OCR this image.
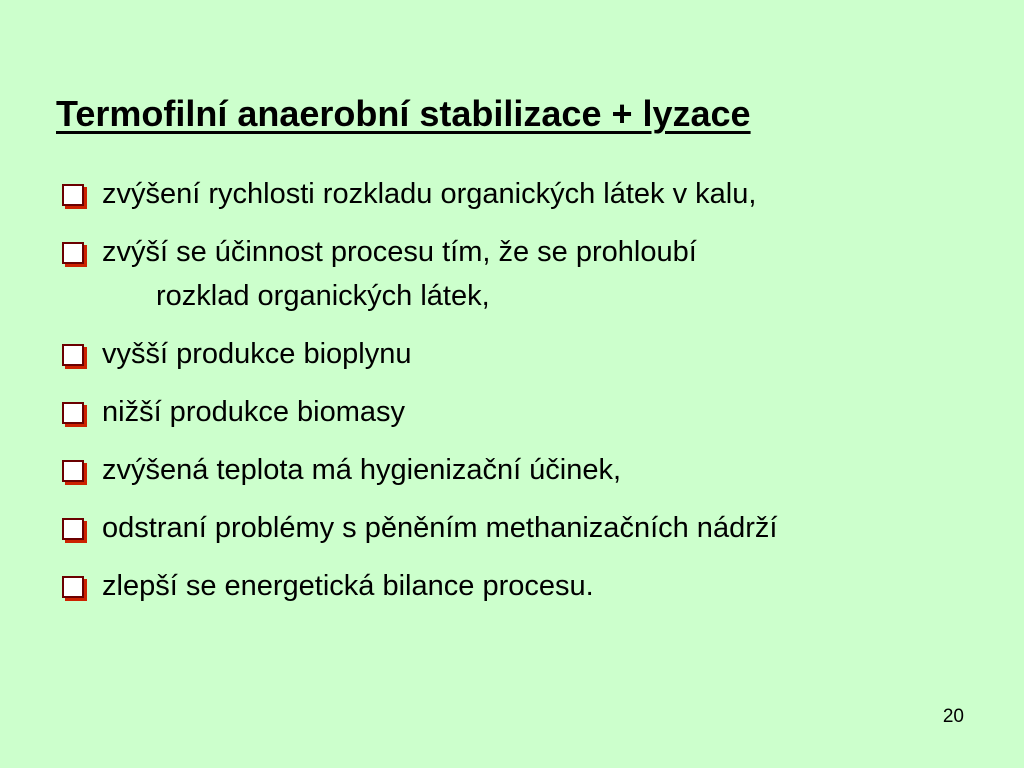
Termofilní anaerobní stabilizace + lyzace
zvýšení rychlosti rozkladu organických látek v kalu,
zvýší se účinnost procesu tím, že se prohloubí
rozklad organických látek,
vyšší produkce bioplynu
nižší produkce biomasy
zvýšená teplota má hygienizační účinek,
odstraní problémy s pěněním methanizačních nádrží
zlepší se energetická bilance procesu.
20
